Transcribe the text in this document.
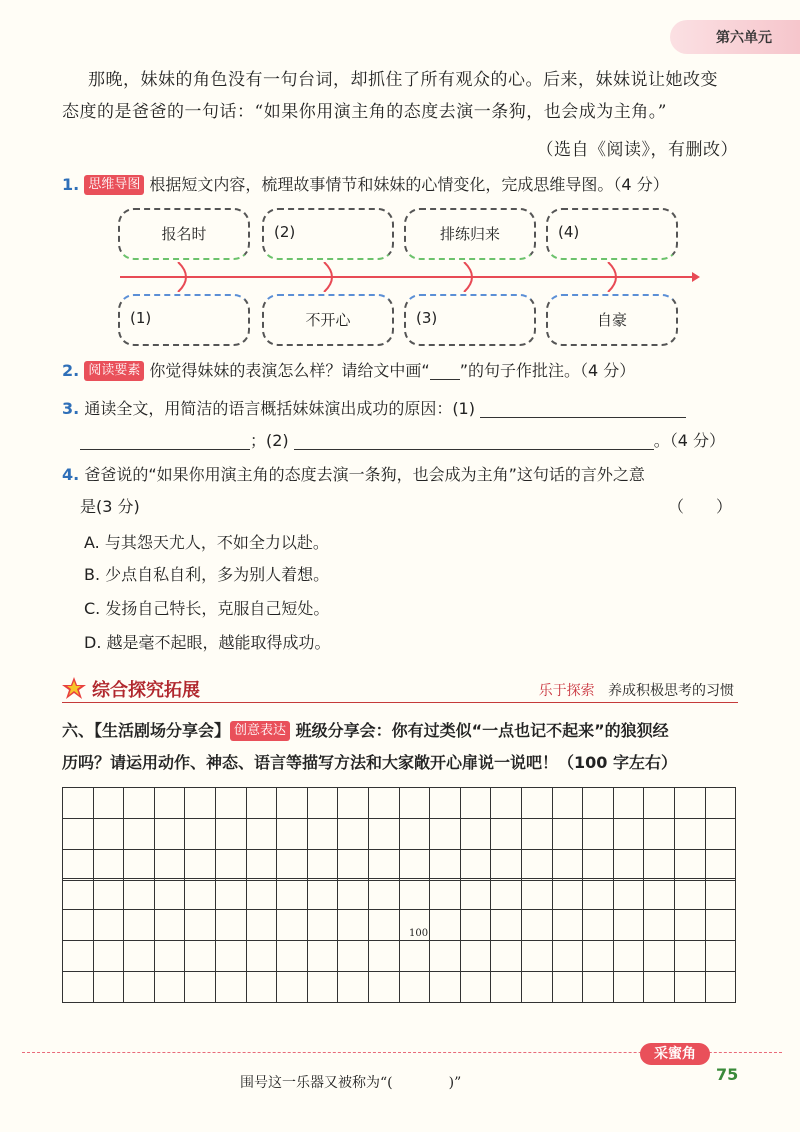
第六单元
那晚，妹妹的角色没有一句台词，却抓住了所有观众的心。后来，妹妹说让她改变
态度的是爸爸的一句话：“如果你用演主角的态度去演一条狗，也会成为主角。”
（选自《阅读》，有删改）
1. 思维导图 根据短文内容，梳理故事情节和妹妹的心情变化，完成思维导图。（4 分）
报名时	(2)	排练归来	(4)
(1)	不开心	(3)	自豪
2. 阅读要素 你觉得妹妹的表演怎么样？请给文中画“ ”的句子作批注。（4 分）
3. 通读全文，用简洁的语言概括妹妹演出成功的原因：(1)
；(2)	。（4 分）
4. 爸爸说的“如果你用演主角的态度去演一条狗，也会成为主角”这句话的言外之意
是(3 分)	（　　）
A. 与其怨天尤人，不如全力以赴。
B. 少点自私自利，多为别人着想。
C. 发扬自己特长，克服自己短处。
D. 越是毫不起眼，越能取得成功。
综合探究拓展	乐于探索 养成积极思考的习惯
六、【生活剧场分享会】 创意表达 班级分享会：你有过类似“一点也记不起来”的狼狈经
历吗？请运用动作、神态、语言等描写方法和大家敞开心扉说一说吧！（100 字左右）
100
采蜜角
围号这一乐器又被称为“(　　　　)”	75
